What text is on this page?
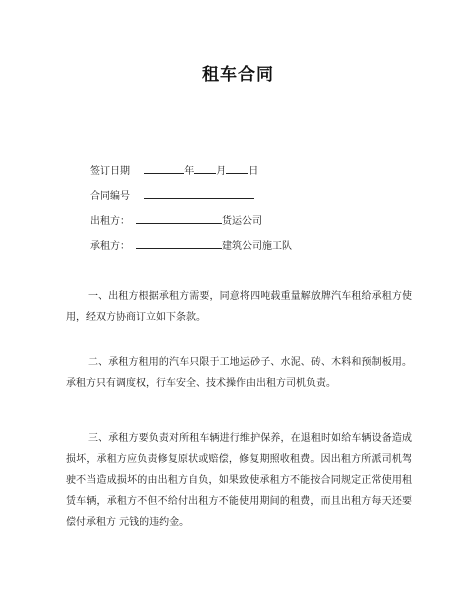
租车合同
签订日期	年 月 日
合同编号
出租方：	货运公司
承租方：	建筑公司施工队

一、出租方根据承租方需要，同意将四吨载重量解放牌汽车租给承租方使用，经双方协商订立如下条款。

二、承租方租用的汽车只限于工地运砂子、水泥、砖、木料和预制板用。承租方只有调度权，行车安全、技术操作由出租方司机负责。

三、承租方要负责对所租车辆进行维护保养，在退租时如给车辆设备造成损坏，承租方应负责修复原状或赔偿，修复期照收租费。因出租方所派司机驾驶不当造成损坏的由出租方自负，如果致使承租方不能按合同规定正常使用租赁车辆，承租方不但不给付出租方不能使用期间的租费，而且出租方每天还要偿付承租方 元钱的违约金。
